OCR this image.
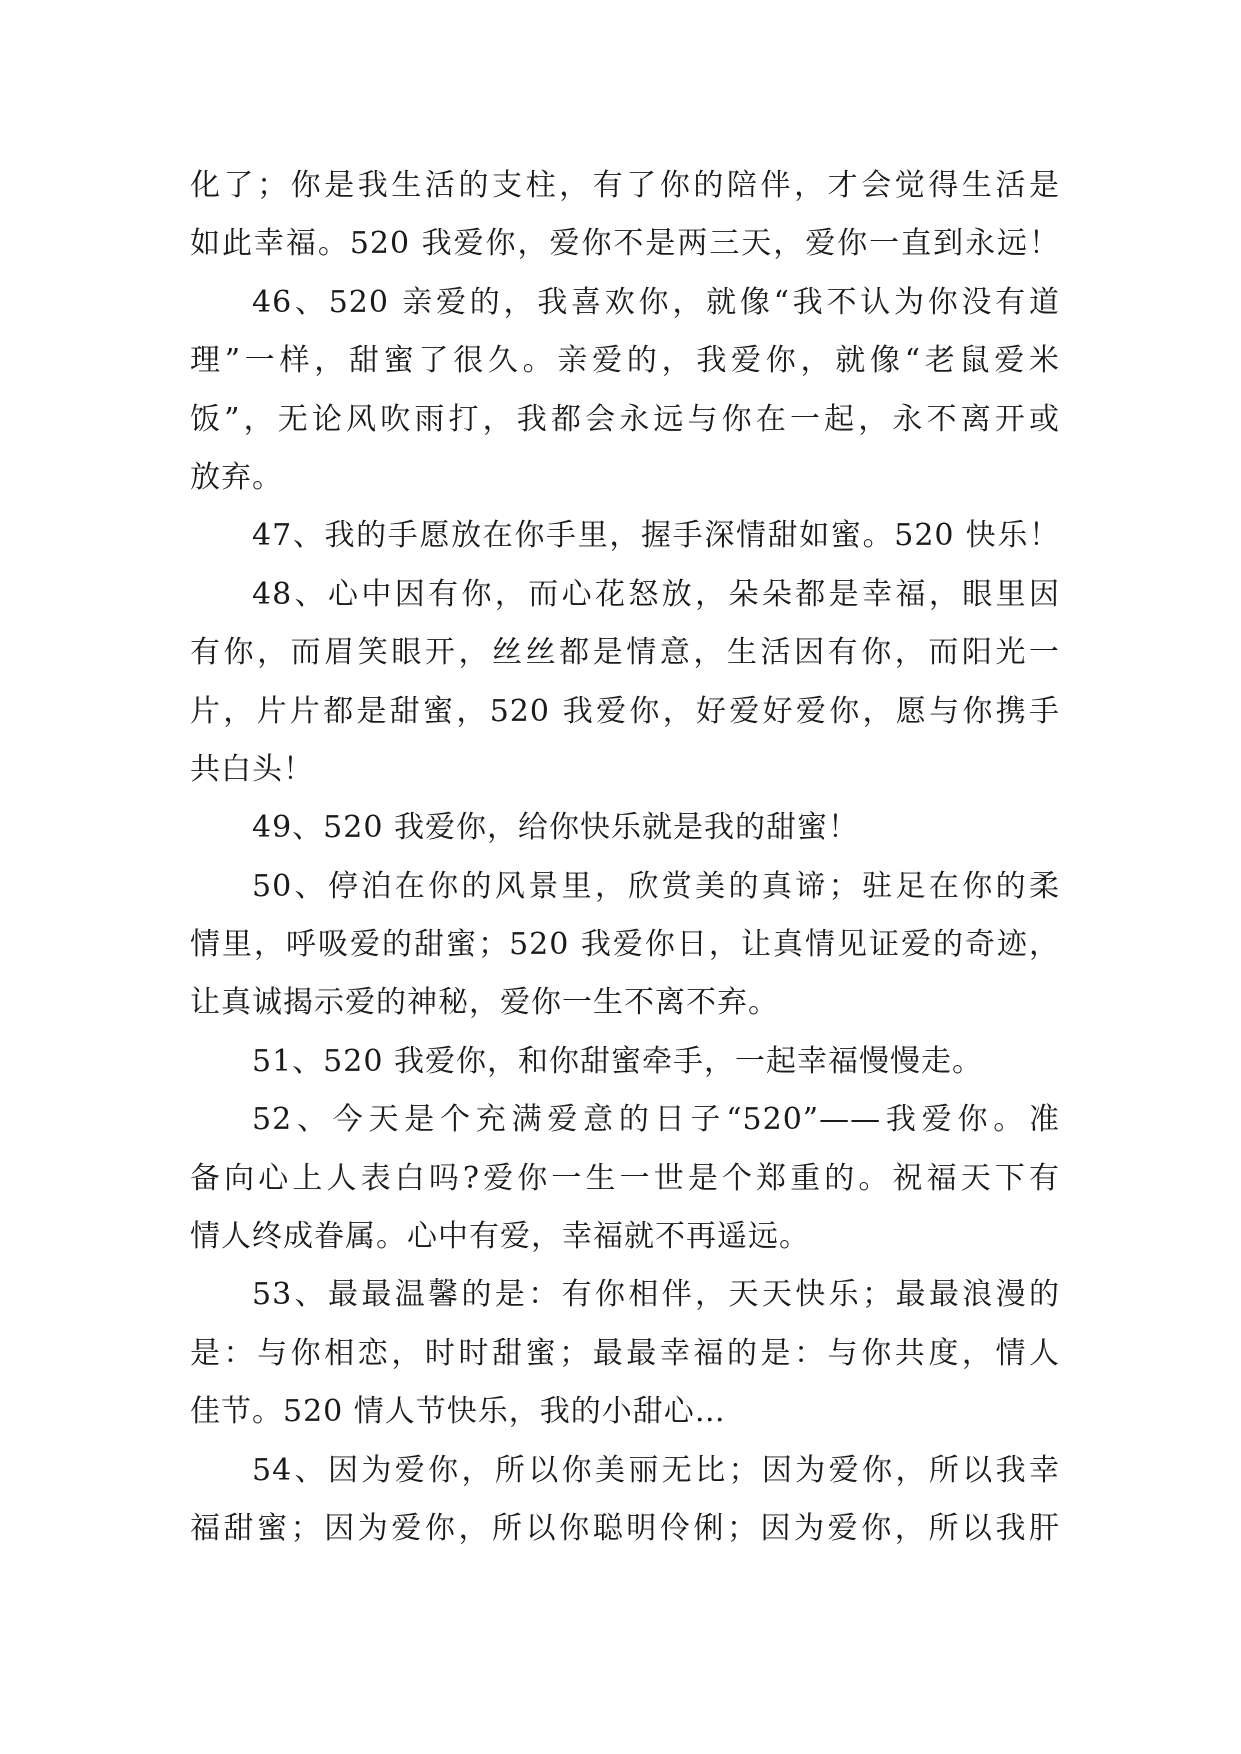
化了；你是我生活的支柱，有了你的陪伴，才会觉得生活是
如此幸福。520 我爱你，爱你不是两三天，爱你一直到永远！
46、520 亲爱的，我喜欢你，就像“我不认为你没有道
理”一样，甜蜜了很久。亲爱的，我爱你，就像“老鼠爱米
饭”，无论风吹雨打，我都会永远与你在一起，永不离开或
放弃。
47、我的手愿放在你手里，握手深情甜如蜜。520 快乐！
48、心中因有你，而心花怒放，朵朵都是幸福，眼里因
有你，而眉笑眼开，丝丝都是情意，生活因有你，而阳光一
片，片片都是甜蜜，520 我爱你，好爱好爱你，愿与你携手
共白头！
49、520 我爱你，给你快乐就是我的甜蜜！
50、停泊在你的风景里，欣赏美的真谛；驻足在你的柔
情里，呼吸爱的甜蜜；520 我爱你日，让真情见证爱的奇迹，
让真诚揭示爱的神秘，爱你一生不离不弃。
51、520 我爱你，和你甜蜜牵手，一起幸福慢慢走。
52、今天是个充满爱意的日子“520”——我爱你。准
备向心上人表白吗?爱你一生一世是个郑重的。祝福天下有
情人终成眷属。心中有爱，幸福就不再遥远。
53、最最温馨的是：有你相伴，天天快乐；最最浪漫的
是：与你相恋，时时甜蜜；最最幸福的是：与你共度，情人
佳节。520 情人节快乐，我的小甜心…
54、因为爱你，所以你美丽无比；因为爱你，所以我幸
福甜蜜；因为爱你，所以你聪明伶俐；因为爱你，所以我肝
